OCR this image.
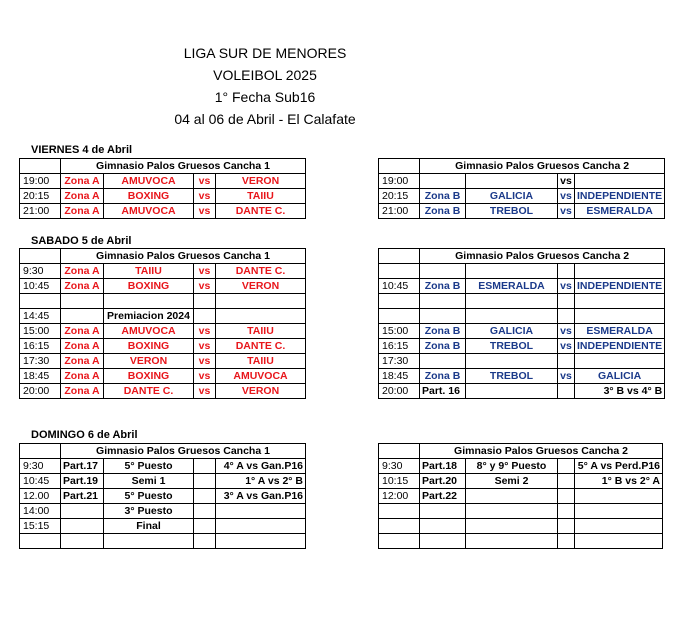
LIGA SUR DE MENORES
VOLEIBOL 2025
1° Fecha Sub16
04 al 06 de Abril - El Calafate
VIERNES 4 de Abril
	Gimnasio Palos Gruesos Cancha 1			
19:00	Zona A	AMUVOCA	vs	VERON
20:15	Zona A	BOXING	vs	TAIIU
21:00	Zona A	AMUVOCA	vs	DANTE C.
	Gimnasio Palos Gruesos Cancha 2			
19:00			vs	
20:15	Zona B	GALICIA	vs	INDEPENDIENTE
21:00	Zona B	TREBOL	vs	ESMERALDA
SABADO 5 de Abril
	Gimnasio Palos Gruesos Cancha 1			
9:30	Zona A	TAIIU	vs	DANTE C.
10:45	Zona A	BOXING	vs	VERON

14:45		Premiacion 2024		
15:00	Zona A	AMUVOCA	vs	TAIIU
16:15	Zona A	BOXING	vs	DANTE C.
17:30	Zona A	VERON	vs	TAIIU
18:45	Zona A	BOXING	vs	AMUVOCA
20:00	Zona A	DANTE C.	vs	VERON
	Gimnasio Palos Gruesos Cancha 2			

10:45	Zona B	ESMERALDA	vs	INDEPENDIENTE

15:00	Zona B	GALICIA	vs	ESMERALDA
16:15	Zona B	TREBOL	vs	INDEPENDIENTE
17:30				
18:45	Zona B	TREBOL	vs	GALICIA
20:00	Part. 16			3° B vs 4° B
DOMINGO 6 de Abril
	Gimnasio Palos Gruesos Cancha 1			
9:30	Part.17	5° Puesto		4° A vs Gan.P16
10:45	Part.19	Semi 1		1° A vs 2° B
12.00	Part.21	5° Puesto		3° A vs Gan.P16
14:00		3° Puesto		
15:15		Final		

	Gimnasio Palos Gruesos Cancha 2			
9:30	Part.18	8° y 9° Puesto		5° A vs Perd.P16
10:15	Part.20	Semi 2		1° B vs 2° A
12:00	Part.22			
